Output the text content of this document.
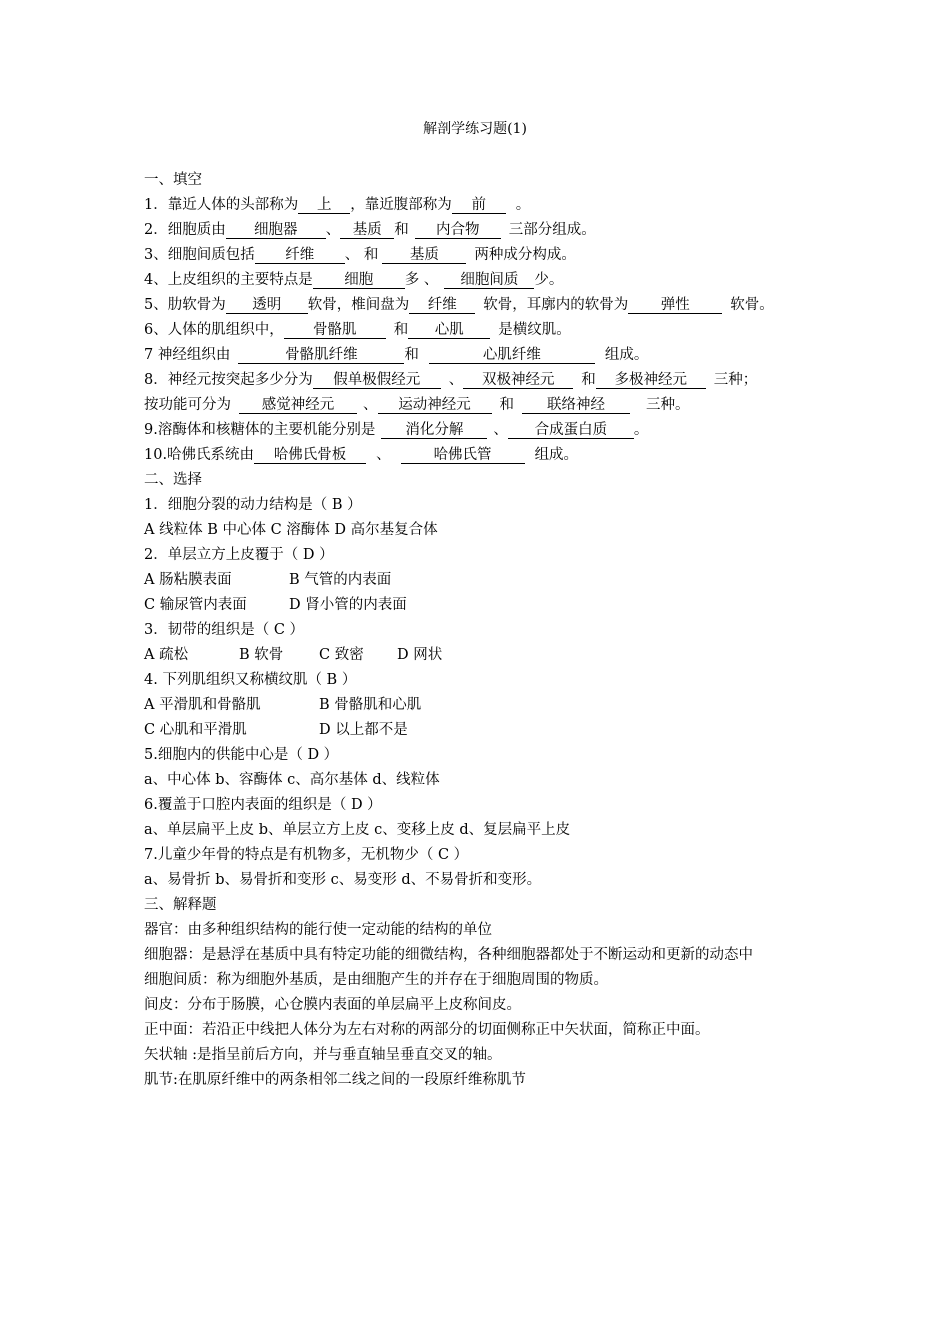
解剖学练习题(1)
一、填空
1．靠近人体的头部称为 上 ，靠近腹部称为 前 。
2．细胞质由 细胞器 、 基质 和 内合物 三部分组成。
3、细胞间质包括 纤维 、 和 基质 两种成分构成。
4、上皮组织的主要特点是 细胞 多 、 细胞间质 少。
5、肋软骨为 透明 软骨，椎间盘为 纤维 软骨，耳廓内的软骨为 弹性	软骨。
6、人体的肌组织中， 骨骼肌	和 心肌 是横纹肌。
7 神经组织由	骨骼肌纤维	和	心肌纤维	组成。
8．神经元按突起多少分为 假单极假经元 、 双极神经元 和 多极神经元 三种；
按功能可分为 感觉神经元 、 运动神经元 和 联络神经	三种。
9.溶酶体和核糖体的主要机能分别是 消化分解 、 合成蛋白质 。
10.哈佛氏系统由 哈佛氏骨板 、	哈佛氏管	组成。
二、选择
1．细胞分裂的动力结构是（ B ）
A 线粒体 B 中心体 C 溶酶体 D 高尔基复合体
2．单层立方上皮覆于（ D ）
A 肠粘膜表面	B 气管的内表面
C 输尿管内表面	D 肾小管的内表面
3．韧带的组织是（ C ）
A 疏松	B 软骨 C 致密 D 网状
4. 下列肌组织又称横纹肌（ B ）
A 平滑肌和骨骼肌	B 骨骼肌和心肌
C 心肌和平滑肌	D 以上都不是
5.细胞内的供能中心是（ D ）
a、中心体 b、容酶体 c、高尔基体 d、线粒体
6.覆盖于口腔内表面的组织是（ D ）
a、单层扁平上皮 b、单层立方上皮 c、变移上皮 d、复层扁平上皮
7.儿童少年骨的特点是有机物多，无机物少（ C ）
a、易骨折 b、易骨折和变形 c、易变形 d、不易骨折和变形。
三、解释题
器官：由多种组织结构的能行使一定动能的结构的单位
细胞器：是悬浮在基质中具有特定功能的细微结构，各种细胞器都处于不断运动和更新的动态中
细胞间质：称为细胞外基质，是由细胞产生的并存在于细胞周围的物质。
间皮：分布于肠膜，心仓膜内表面的单层扁平上皮称间皮。
正中面：若沿正中线把人体分为左右对称的两部分的切面侧称正中矢状面，简称正中面。
矢状轴 :是指呈前后方向，并与垂直轴呈垂直交叉的轴。
肌节:在肌原纤维中的两条相邻二线之间的一段原纤维称肌节
